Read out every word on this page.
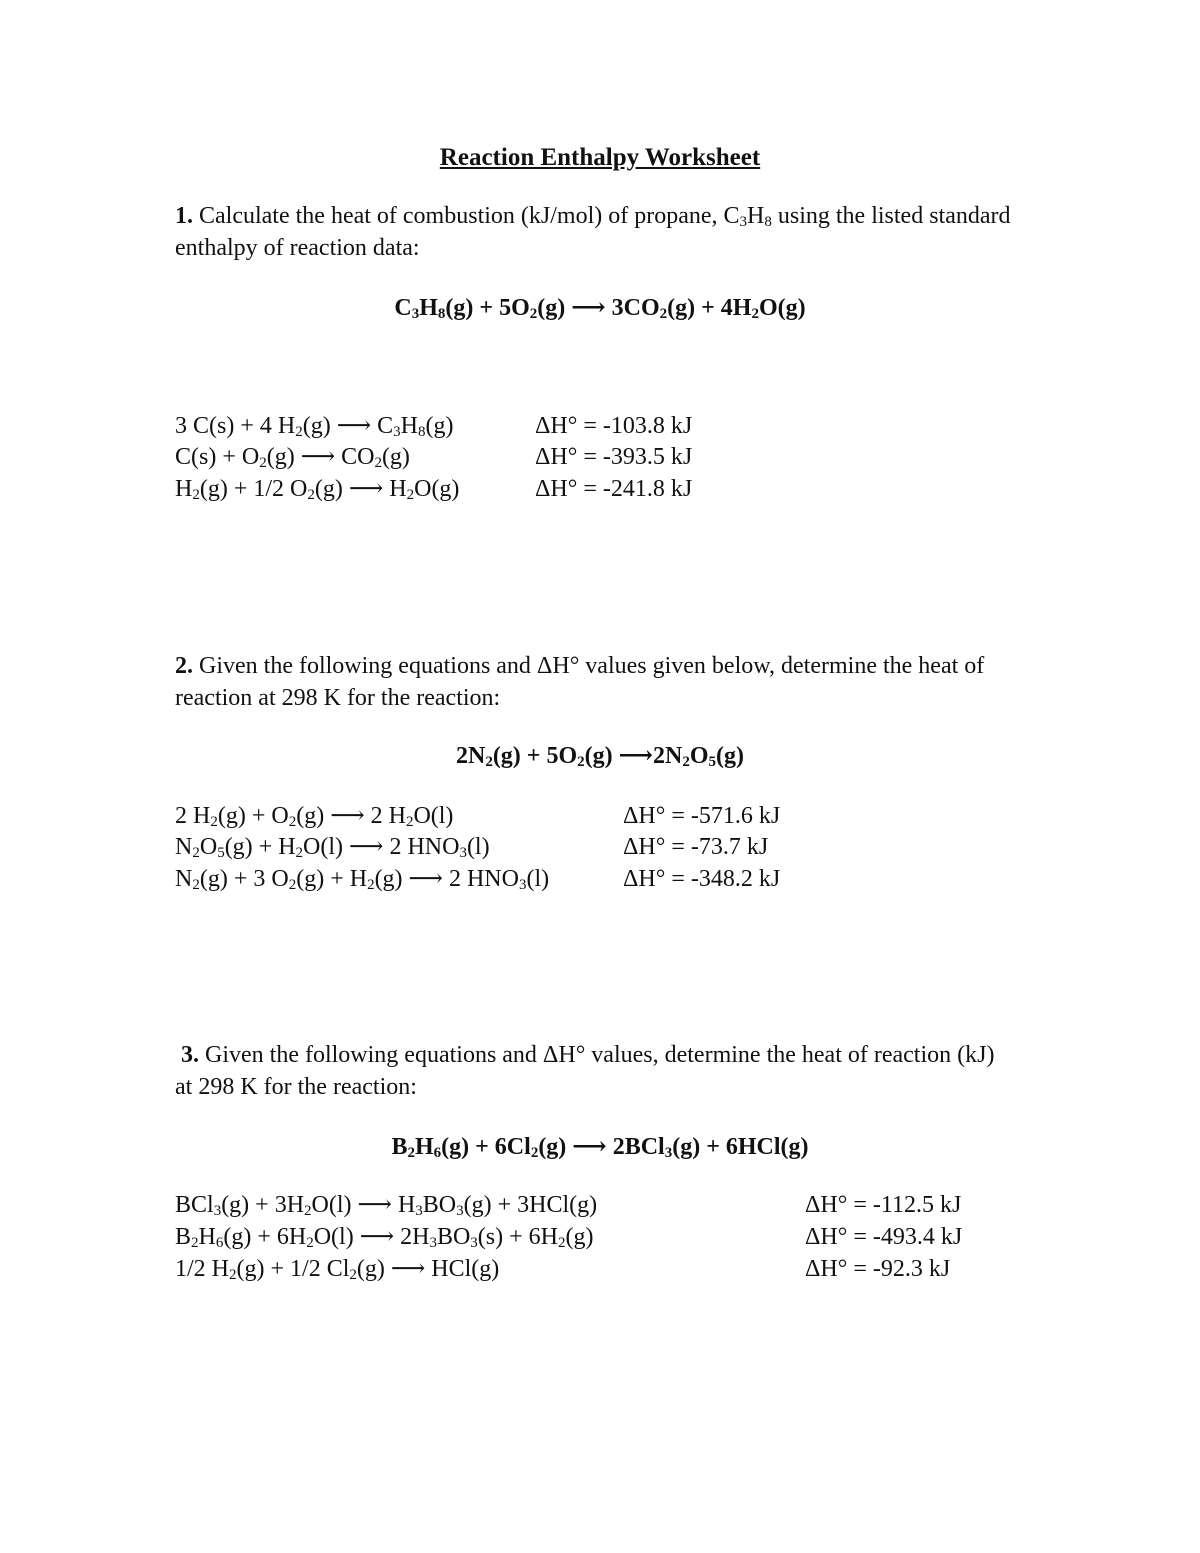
Reaction Enthalpy Worksheet

1. Calculate the heat of combustion (kJ/mol) of propane, $C_3H_8$ using the listed standard enthalpy of reaction data:

$C_3H_8(g) + 5O_2(g)$ ⟶ $3CO_2(g) + 4H_2O(g)$
3 C(s) + 4 $H_2(g)$ ⟶ $C_3H_8(g)$	ΔH° = -103.8 kJ
$C(s) + O_2(g)$ ⟶ $CO_2(g)$	ΔH° = -393.5 kJ
$H_2(g) + 1/2$ $O_2(g)$ ⟶ $H_2O(g)$	ΔH° = -241.8 kJ

2. Given the following equations and ΔH° values given below, determine the heat of reaction at 298 K for the reaction:

$2N_2(g) + 5O_2(g)$ $⟶2N_2O_5(g)$
2 $H_2(g) + O_2(g)$ ⟶ 2 $H_2O(l)$	ΔH° = -571.6 kJ
$N_2O_5(g) + H_2O(l)$ ⟶ 2 $HNO_3(l)$	ΔH° = -73.7 kJ
$N_2(g) + 3$ $O_2(g) + H_2(g)$ ⟶ 2 $HNO_3(l)$	ΔH° = -348.2 kJ

3. Given the following equations and ΔH° values, determine the heat of reaction (kJ) at 298 K for the reaction:

$B_2H_6(g) + 6Cl_2(g)$ ⟶ 2BCl$_3$(g) + 6HCl(g)
$BCl_3(g) + 3H_2O(l)$ ⟶ $H_3BO_3(g) + 3HCl(g)$	ΔH° = -112.5 kJ
$B_2H_6(g) + 6H_2O(l)$ ⟶ $2H_3BO_3(s) + 6H_2(g)$	ΔH° = -493.4 kJ
1/2 $H_2(g) + 1/2$ $Cl_2(g)$ ⟶ HCl(g)	ΔH° = -92.3 kJ
